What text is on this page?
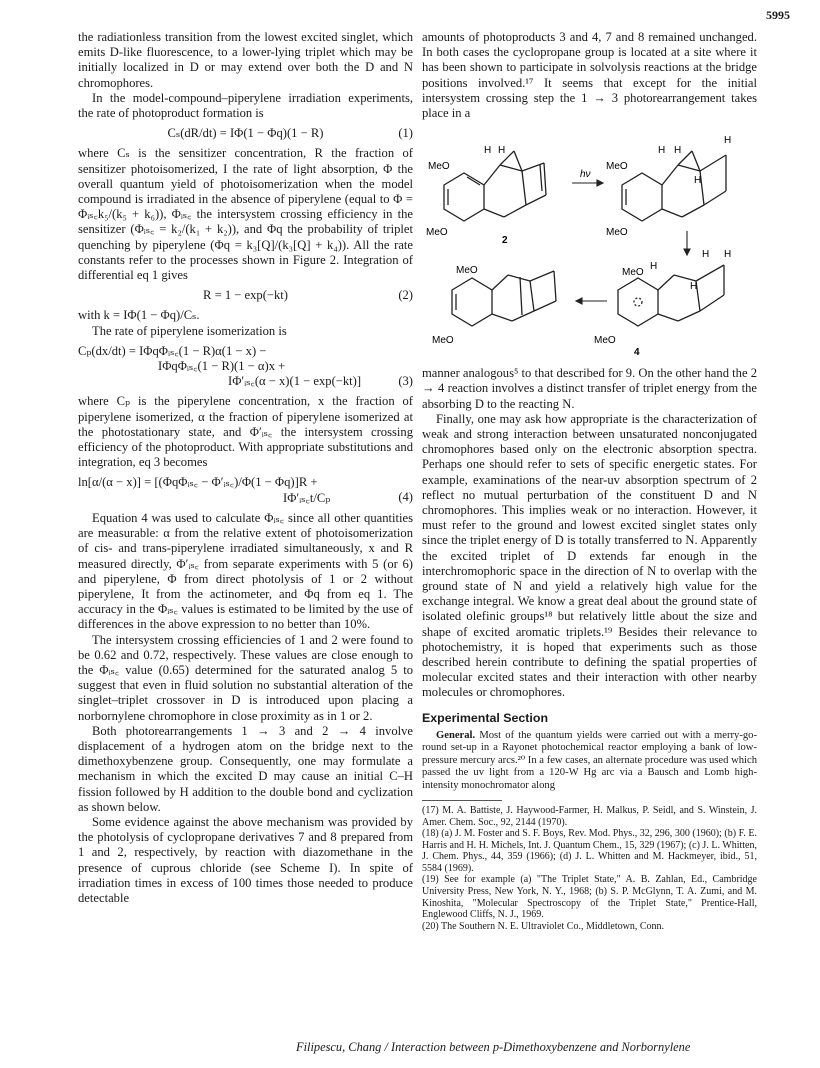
5995

the radiationless transition from the lowest excited singlet, which emits D-like fluorescence, to a lower-lying triplet which may be initially localized in D or may extend over both the D and N chromophores.

In the model-compound–piperylene irradiation experiments, the rate of photoproduct formation is

Cₛ(dR/dt) = IΦ(1 − Φq)(1 − R)	(1)

where Cₛ is the sensitizer concentration, R the fraction of sensitizer photoisomerized, I the rate of light absorption, Φ the overall quantum yield of photoisomerization when the model compound is irradiated in the absence of piperylene (equal to Φ = Φᵢₛ꜀k₅/(k₅ + k₆)), Φᵢₛ꜀ the intersystem crossing efficiency in the sensitizer (Φᵢₛ꜀ = k₂/(k₁ + k₂)), and Φq the probability of triplet quenching by piperylene (Φq = k₃[Q]/(k₃[Q] + k₄)). All the rate constants refer to the processes shown in Figure 2. Integration of differential eq 1 gives

R = 1 − exp(−kt)	(2)

with k = IΦ(1 − Φq)/Cₛ.

The rate of piperylene isomerization is

Cₚ(dx/dt) = IΦqΦᵢₛ꜀(1 − R)α(1 − x) −
IΦqΦᵢₛ꜀(1 − R)(1 − α)x +
IΦ′ᵢₛ꜀(α − x)(1 − exp(−kt)]	(3)

where Cₚ is the piperylene concentration, x the fraction of piperylene isomerized, α the fraction of piperylene isomerized at the photostationary state, and Φ′ᵢₛ꜀ the intersystem crossing efficiency of the photoproduct. With appropriate substitutions and integration, eq 3 becomes

ln[α/(α − x)] = [(ΦqΦᵢₛ꜀ − Φ′ᵢₛ꜀)/Φ(1 − Φq)]R +
IΦ′ᵢₛ꜀t/Cₚ	(4)

Equation 4 was used to calculate Φᵢₛ꜀ since all other quantities are measurable: α from the relative extent of photoisomerization of cis- and trans-piperylene irradiated simultaneously, x and R measured directly, Φ′ᵢₛ꜀ from separate experiments with 5 (or 6) and piperylene, Φ from direct photolysis of 1 or 2 without piperylene, It from the actinometer, and Φq from eq 1. The accuracy in the Φᵢₛ꜀ values is estimated to be limited by the use of differences in the above expression to no better than 10%.

The intersystem crossing efficiencies of 1 and 2 were found to be 0.62 and 0.72, respectively. These values are close enough to the Φᵢₛ꜀ value (0.65) determined for the saturated analog 5 to suggest that even in fluid solution no substantial alteration of the singlet–triplet crossover in D is introduced upon placing a norbornylene chromophore in close proximity as in 1 or 2.

Both photorearrangements 1 → 3 and 2 → 4 involve displacement of a hydrogen atom on the bridge next to the dimethoxybenzene group. Consequently, one may formulate a mechanism in which the excited D may cause an initial C–H fission followed by H addition to the double bond and cyclization as shown below.

Some evidence against the above mechanism was provided by the photolysis of cyclopropane derivatives 7 and 8 prepared from 1 and 2, respectively, by reaction with diazomethane in the presence of cuprous chloride (see Scheme I). In spite of irradiation times in excess of 100 times those needed to produce detectable

amounts of photoproducts 3 and 4, 7 and 8 remained unchanged. In both cases the cyclopropane group is located at a site where it has been shown to participate in solvolysis reactions at the bridge positions involved.¹⁷ It seems that except for the initial intersystem crossing step the 1 → 3 photorearrangement takes place in a

MeO
H H
MeO
2
hν
MeO
H H
H
H
MeO
MeO
MeO
MeO
MeO
H
H H
H
4

manner analogous⁵ to that described for 9. On the other hand the 2 → 4 reaction involves a distinct transfer of triplet energy from the absorbing D to the reacting N.

Finally, one may ask how appropriate is the characterization of weak and strong interaction between unsaturated nonconjugated chromophores based only on the electronic absorption spectra. Perhaps one should refer to sets of specific energetic states. For example, examinations of the near-uv absorption spectrum of 2 reflect no mutual perturbation of the constituent D and N chromophores. This implies weak or no interaction. However, it must refer to the ground and lowest excited singlet states only since the triplet energy of D is totally transferred to N. Apparently the excited triplet of D extends far enough in the interchromophoric space in the direction of N to overlap with the ground state of N and yield a relatively high value for the exchange integral. We know a great deal about the ground state of isolated olefinic groups¹⁸ but relatively little about the size and shape of excited aromatic triplets.¹⁹ Besides their relevance to photochemistry, it is hoped that experiments such as those described herein contribute to defining the spatial properties of molecular excited states and their interaction with other nearby molecules or chromophores.

Experimental Section

General. Most of the quantum yields were carried out with a merry-go-round set-up in a Rayonet photochemical reactor employing a bank of low-pressure mercury arcs.²⁰ In a few cases, an alternate procedure was used which passed the uv light from a 120-W Hg arc via a Bausch and Lomb high-intensity monochromator along

(17) M. A. Battiste, J. Haywood-Farmer, H. Malkus, P. Seidl, and S. Winstein, J. Amer. Chem. Soc., 92, 2144 (1970).

(18) (a) J. M. Foster and S. F. Boys, Rev. Mod. Phys., 32, 296, 300 (1960); (b) F. E. Harris and H. H. Michels, Int. J. Quantum Chem., 15, 329 (1967); (c) J. L. Whitten, J. Chem. Phys., 44, 359 (1966); (d) J. L. Whitten and M. Hackmeyer, ibid., 51, 5584 (1969).

(19) See for example (a) "The Triplet State," A. B. Zahlan, Ed., Cambridge University Press, New York, N. Y., 1968; (b) S. P. McGlynn, T. A. Zumi, and M. Kinoshita, "Molecular Spectroscopy of the Triplet State," Prentice-Hall, Englewood Cliffs, N. J., 1969.

(20) The Southern N. E. Ultraviolet Co., Middletown, Conn.

Filipescu, Chang / Interaction between p-Dimethoxybenzene and Norbornylene
